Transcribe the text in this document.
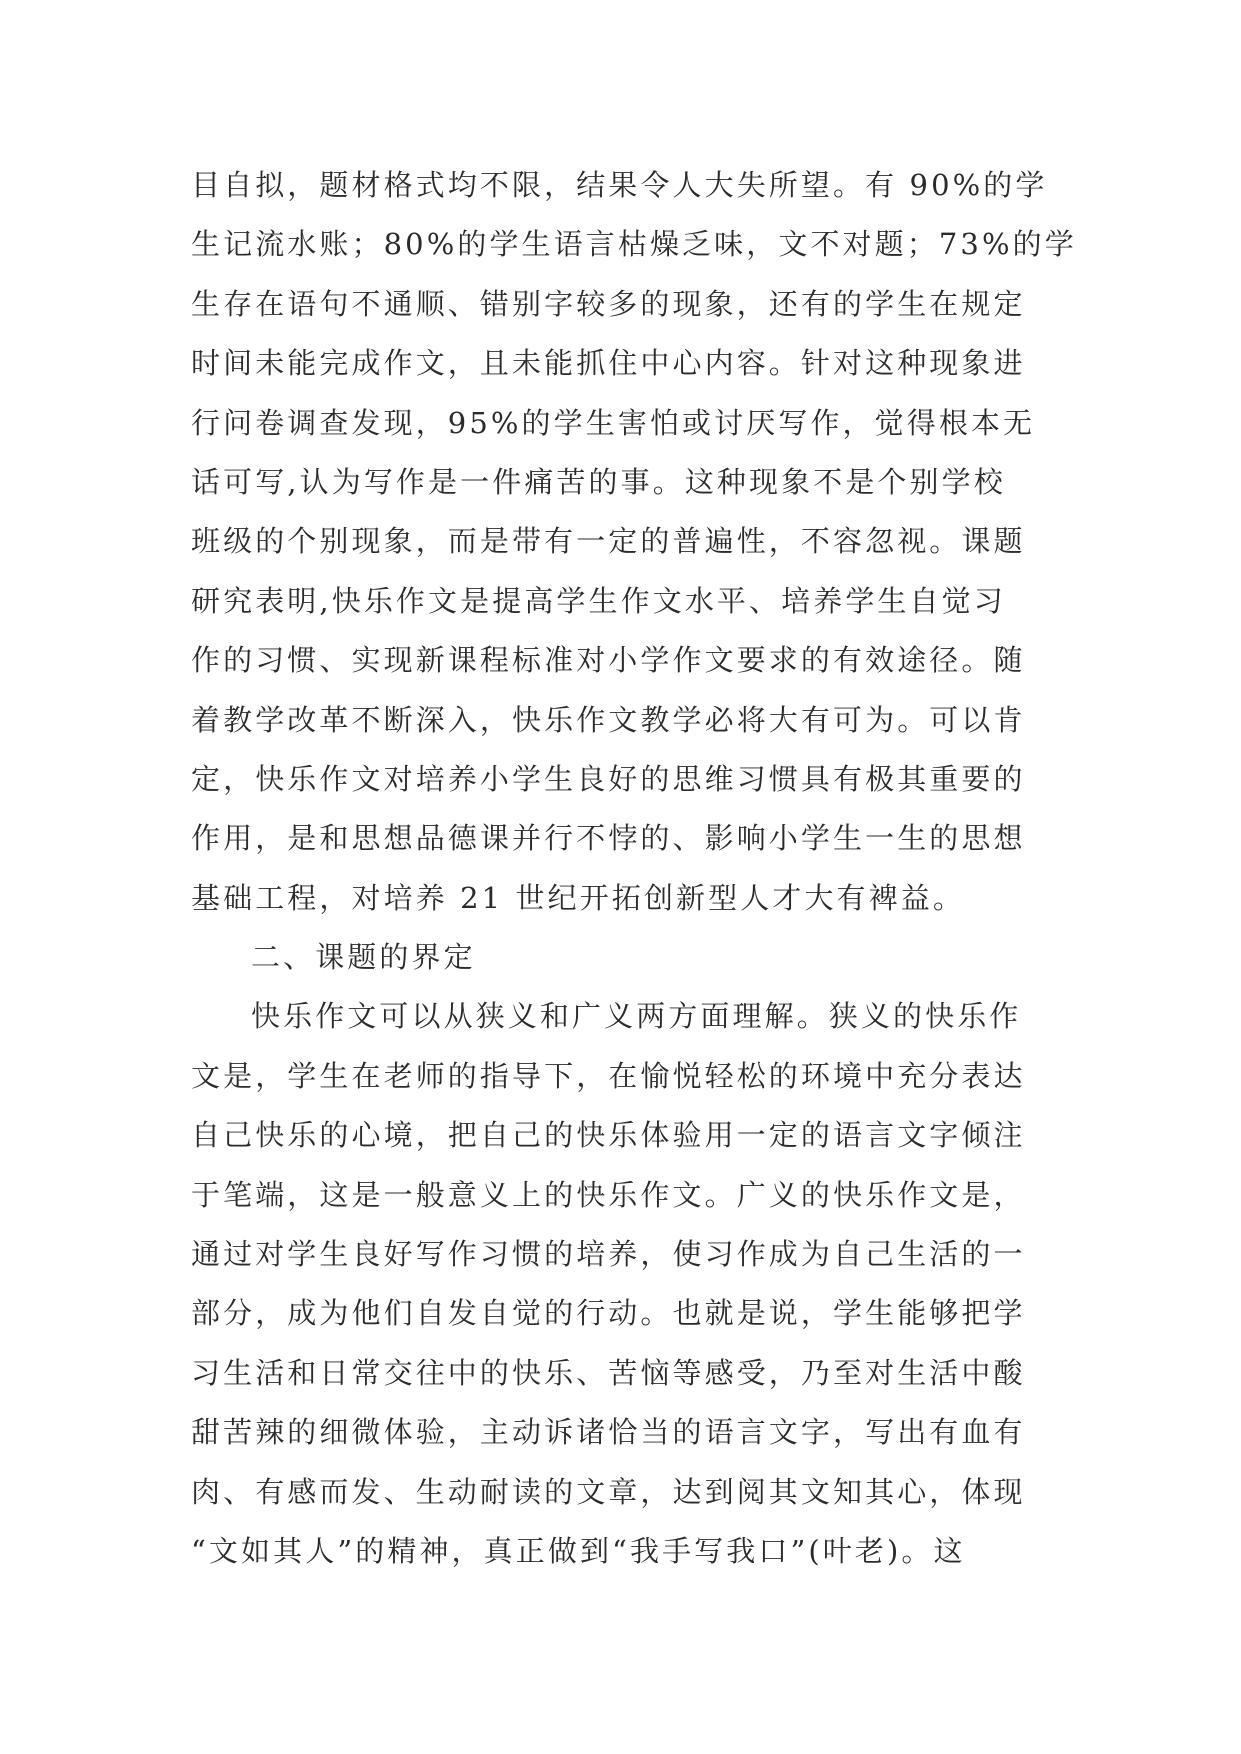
目自拟，题材格式均不限，结果令人大失所望。有 90%的学
生记流水账；80%的学生语言枯燥乏味，文不对题；73%的学
生存在语句不通顺、错别字较多的现象，还有的学生在规定
时间未能完成作文，且未能抓住中心内容。针对这种现象进
行问卷调查发现，95%的学生害怕或讨厌写作，觉得根本无
话可写,认为写作是一件痛苦的事。这种现象不是个别学校
班级的个别现象，而是带有一定的普遍性，不容忽视。课题
研究表明,快乐作文是提高学生作文水平、培养学生自觉习
作的习惯、实现新课程标准对小学作文要求的有效途径。随
着教学改革不断深入，快乐作文教学必将大有可为。可以肯
定，快乐作文对培养小学生良好的思维习惯具有极其重要的
作用，是和思想品德课并行不悖的、影响小学生一生的思想
基础工程，对培养 21 世纪开拓创新型人才大有裨益。
二、课题的界定
快乐作文可以从狭义和广义两方面理解。狭义的快乐作
文是，学生在老师的指导下，在愉悦轻松的环境中充分表达
自己快乐的心境，把自己的快乐体验用一定的语言文字倾注
于笔端，这是一般意义上的快乐作文。广义的快乐作文是，
通过对学生良好写作习惯的培养，使习作成为自己生活的一
部分，成为他们自发自觉的行动。也就是说，学生能够把学
习生活和日常交往中的快乐、苦恼等感受，乃至对生活中酸
甜苦辣的细微体验，主动诉诸恰当的语言文字，写出有血有
肉、有感而发、生动耐读的文章，达到阅其文知其心，体现
“文如其人”的精神，真正做到“我手写我口”(叶老)。这
